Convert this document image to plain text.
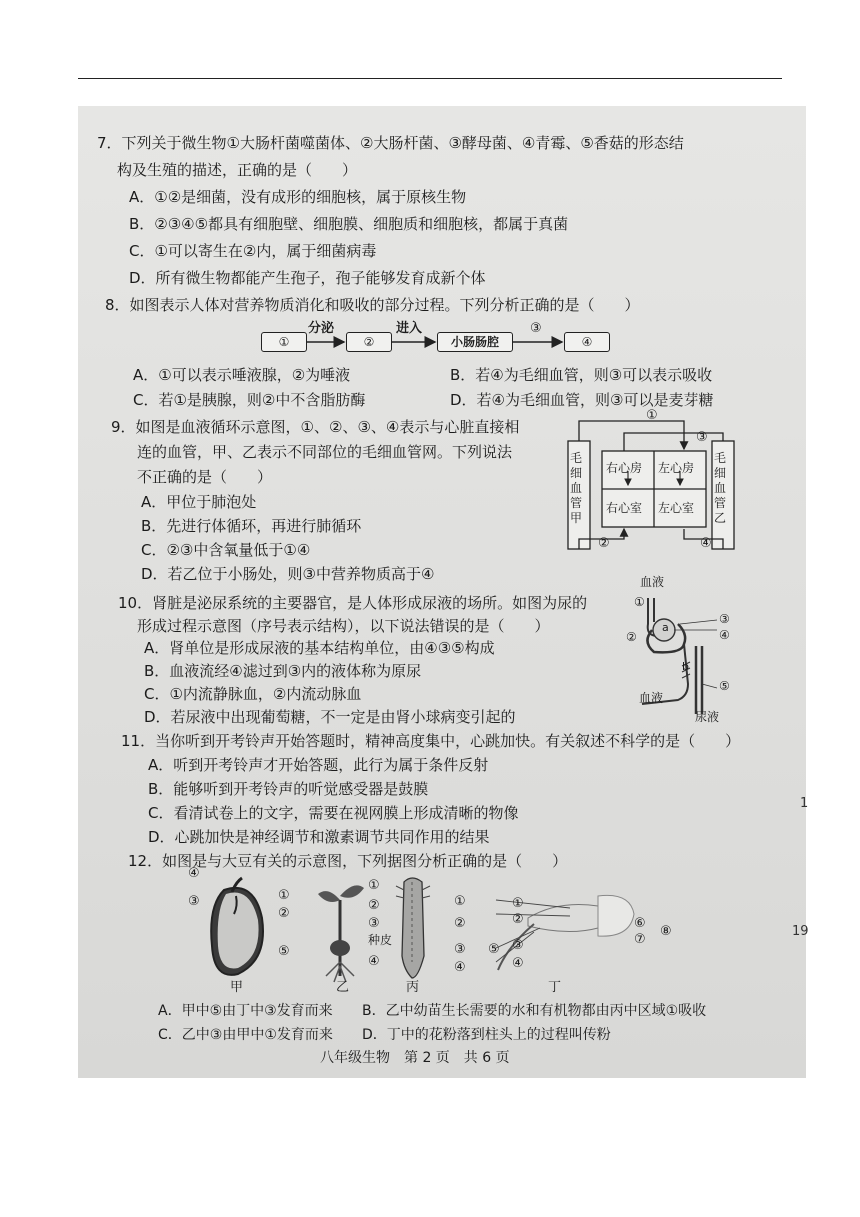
7．下列关于微生物①大肠杆菌噬菌体、②大肠杆菌、③酵母菌、④青霉、⑤香菇的形态结
构及生殖的描述，正确的是（　　）
A．①②是细菌，没有成形的细胞核，属于原核生物
B．②③④⑤都具有细胞壁、细胞膜、细胞质和细胞核，都属于真菌
C．①可以寄生在②内，属于细菌病毒
D．所有微生物都能产生孢子，孢子能够发育成新个体
8．如图表示人体对营养物质消化和吸收的部分过程。下列分析正确的是（　　）
①	②	小肠肠腔	④
分泌	进入	③
A．①可以表示唾液腺，②为唾液	B．若④为毛细血管，则③可以表示吸收
C．若①是胰腺，则②中不含脂肪酶	D．若④为毛细血管，则③可以是麦芽糖
9．如图是血液循环示意图，①、②、③、④表示与心脏直接相
连的血管，甲、乙表示不同部位的毛细血管网。下列说法
不正确的是（　　）
A．甲位于肺泡处
B．先进行体循环，再进行肺循环
C．②③中含氧量低于①④
D．若乙位于小肠处，则③中营养物质高于④
毛细血管甲
毛细血管乙
右心房
右心室
左心房
左心室
①
③
②	④
10．肾脏是泌尿系统的主要器官，是人体形成尿液的场所。如图为尿的
形成过程示意图（序号表示结构），以下说法错误的是（　　）
A．肾单位是形成尿液的基本结构单位，由④③⑤构成
B．血液流经④滤过到③内的液体称为原尿
C．①内流静脉血，②内流动脉血
D．若尿液中出现葡萄糖，不一定是由肾小球病变引起的
血液
①
②
a
b
③
④
⑤
血液
尿液
11．当你听到开考铃声开始答题时，精神高度集中，心跳加快。有关叙述不科学的是（　　）
A．听到开考铃声才开始答题，此行为属于条件反射
B．能够听到开考铃声的听觉感受器是鼓膜
C．看清试卷上的文字，需要在视网膜上形成清晰的物像
D．心跳加快是神经调节和激素调节共同作用的结果
12．如图是与大豆有关的示意图，下列据图分析正确的是（　　）
④
③	①
②
⑤
甲
①
②
③
种皮
④
乙
①
②
③
④
丙
①
②
⑤ ③
④
⑥
⑦
⑧
丁
A．甲中⑤由丁中③发育而来 B．乙中幼苗生长需要的水和有机物都由丙中区域①吸收
C．乙中③由甲中①发育而来 D．丁中的花粉落到柱头上的过程叫传粉
八年级生物　第 2 页　共 6 页
1
19
